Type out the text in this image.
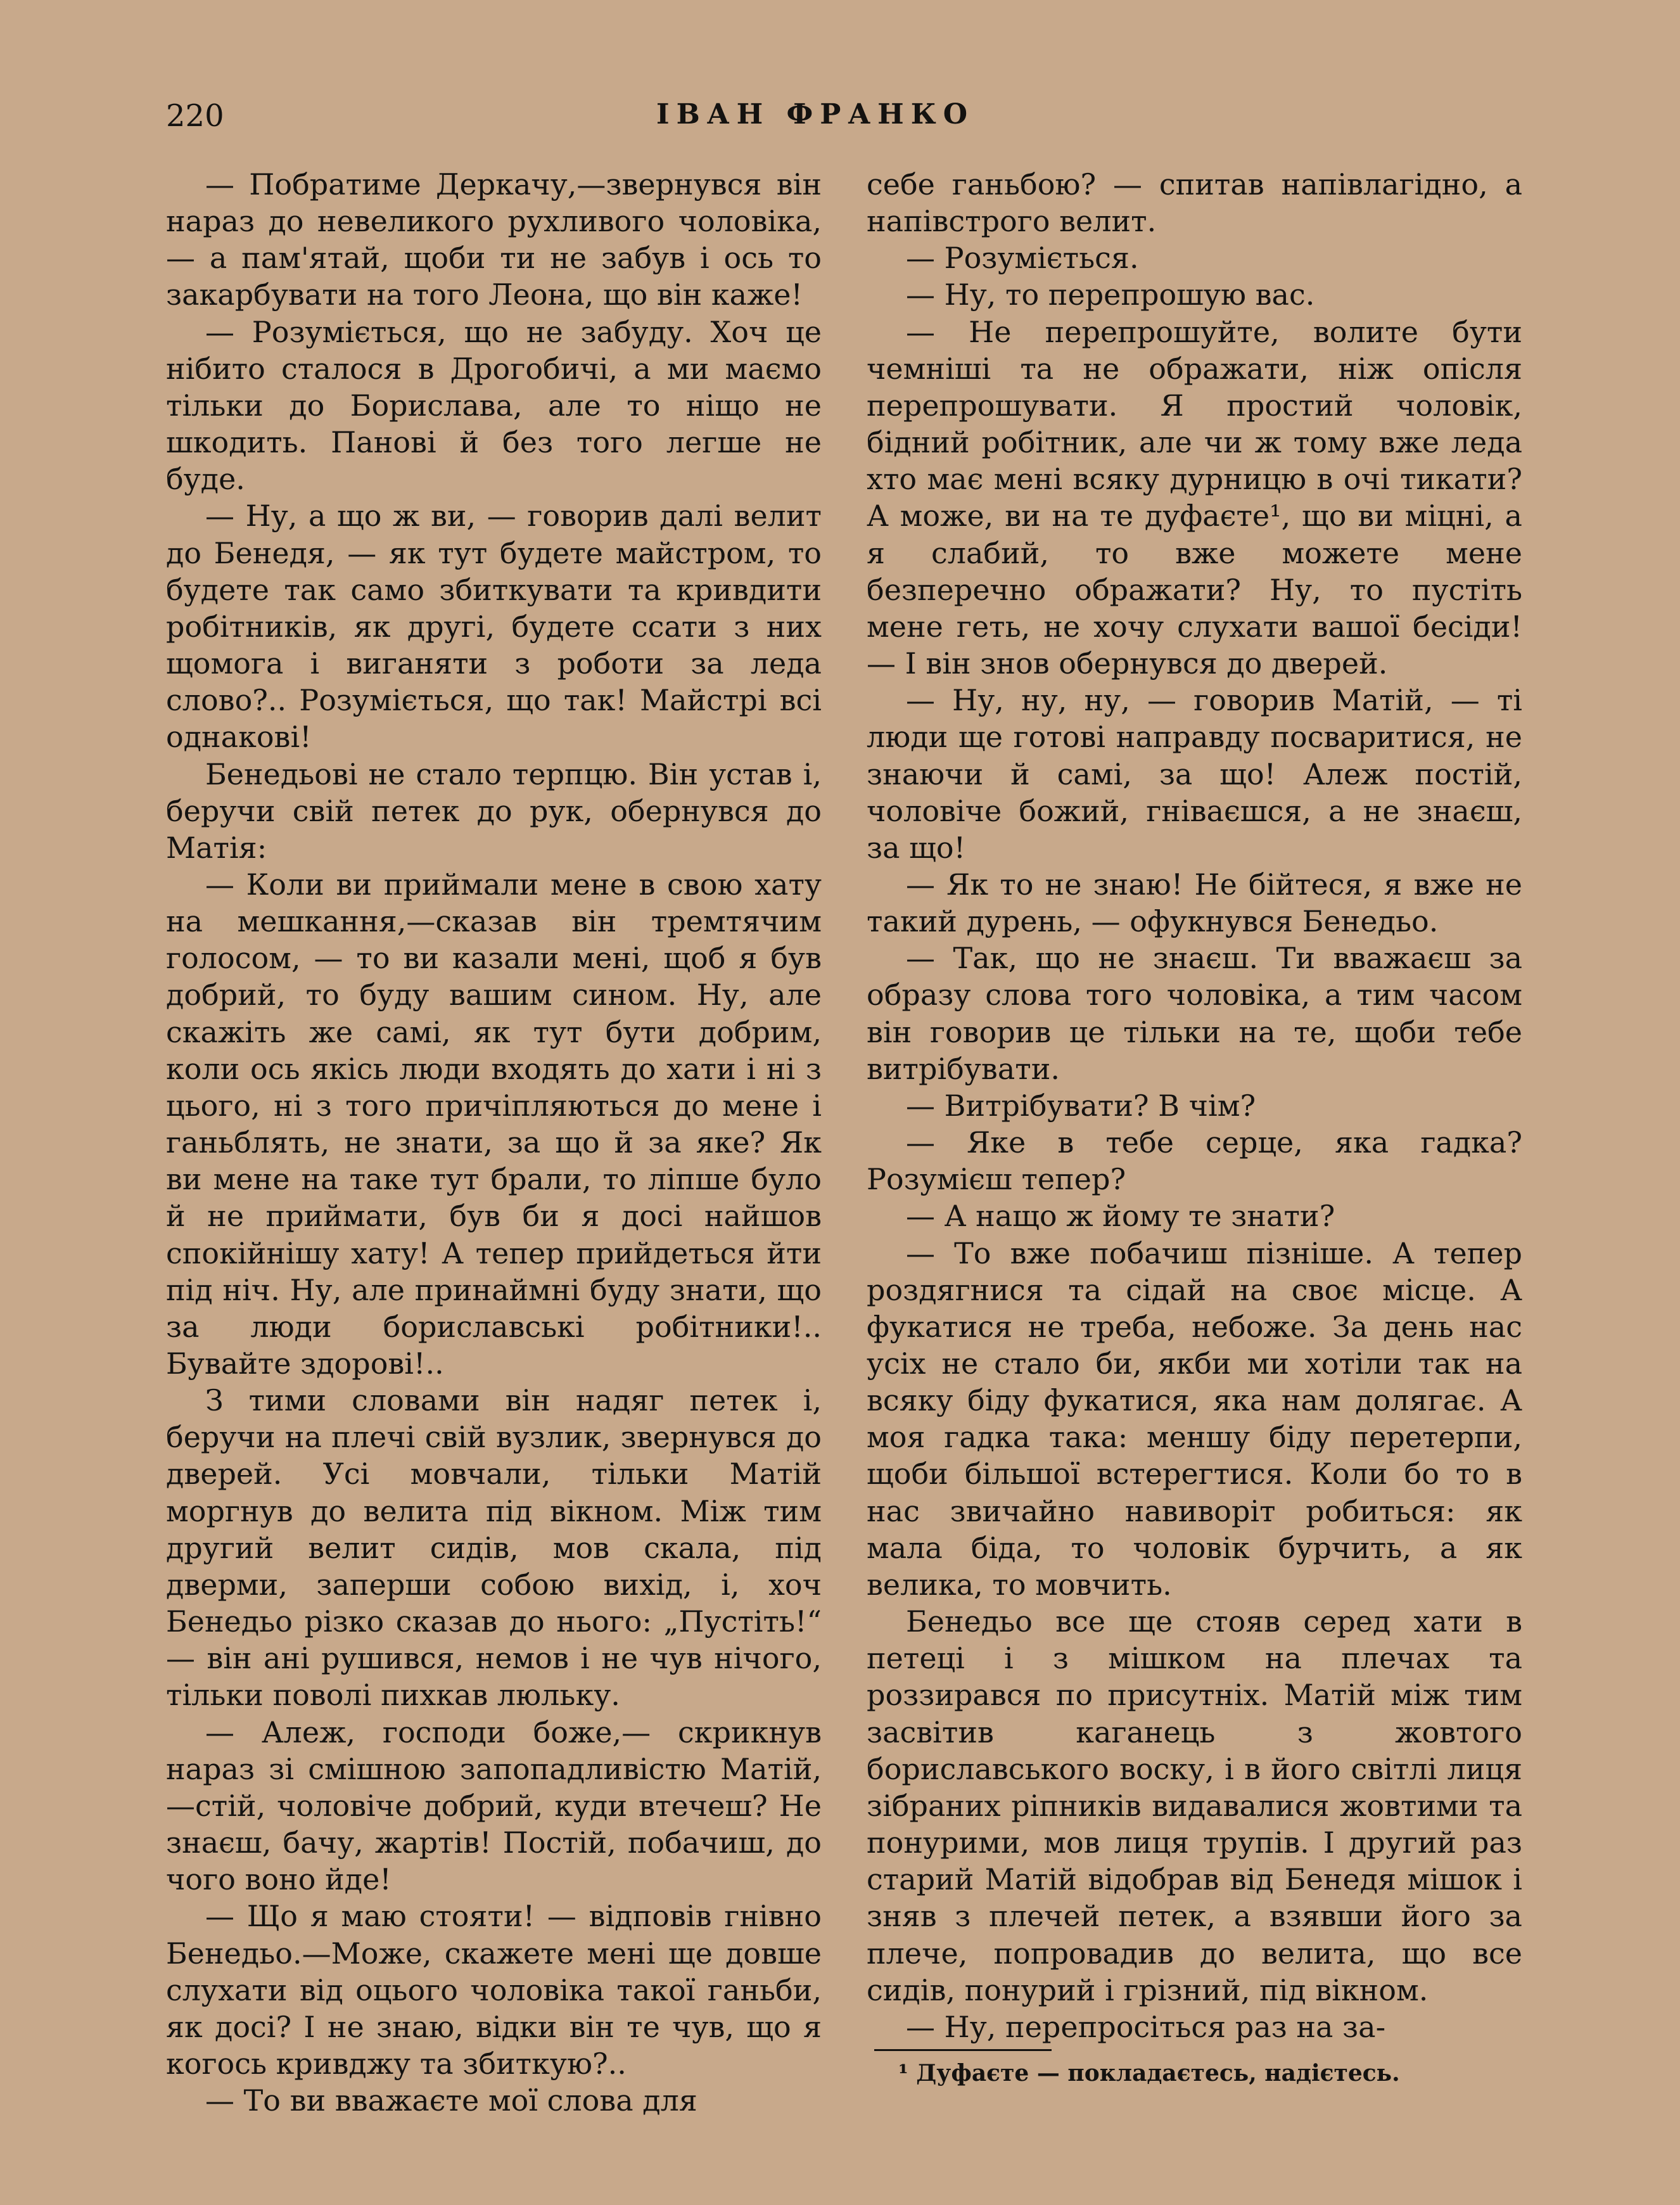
220	ІВАН ФРАНКО

— Побратиме Деркачу,—звернувся він нараз до невеликого рухливого чоловіка, — а пам'ятай, щоби ти не забув і ось то закарбувати на того Леона, що він каже!

— Розуміється, що не забуду. Хоч це нібито сталося в Дрогобичі, а ми маємо тільки до Борислава, але то ніщо не шкодить. Панові й без того легше не буде.

— Ну, а що ж ви, — говорив далі велит до Бенедя, — як тут будете майстром, то будете так само збиткувати та кривдити робітників, як другі, будете ссати з них щомога і виганяти з роботи за леда слово?.. Розуміється, що так! Майстрі всі однакові!

Бенедьові не стало терпцю. Він устав і, беручи свій петек до рук, обернувся до Матія:

— Коли ви приймали мене в свою хату на мешкання,—сказав він тремтячим голосом, — то ви казали мені, щоб я був добрий, то буду вашим сином. Ну, але скажіть же самі, як тут бути добрим, коли ось якісь люди входять до хати і ні з цього, ні з того причіпляються до мене і ганьблять, не знати, за що й за яке? Як ви мене на таке тут брали, то ліпше було й не приймати, був би я досі найшов спокійнішу хату! А тепер прийдеться йти під ніч. Ну, але принаймні буду знати, що за люди бориславські робітники!.. Бувайте здорові!..

З тими словами він надяг петек і, беручи на плечі свій вузлик, звернувся до дверей. Усі мовчали, тільки Матій моргнув до велита під вікном. Між тим другий велит сидів, мов скала, під дверми, заперши собою вихід, і, хоч Бенедьо різко сказав до нього: „Пустіть!“ — він ані рушився, немов і не чув нічого, тільки поволі пихкав люльку.

— Алеж, господи боже,— скрикнув нараз зі смішною запопадливістю Матій,—стій, чоловіче добрий, куди втечеш? Не знаєш, бачу, жартів! Постій, побачиш, до чого воно йде!

— Що я маю стояти! — відповів гнівно Бенедьо.—Може, скажете мені ще довше слухати від оцього чоловіка такої ганьби, як досі? І не знаю, відки він те чув, що я когось кривджу та збиткую?..

— То ви вважаєте мої слова для

себе ганьбою? — спитав напівлагідно, а напівстрого велит.

— Розуміється.

— Ну, то перепрошую вас.

— Не перепрошуйте, волите бути чемніші та не ображати, ніж опісля перепрошувати. Я простий чоловік, бідний робітник, але чи ж тому вже леда хто має мені всяку дурницю в очі тикати? А може, ви на те дуфаєте¹, що ви міцні, а я слабий, то вже можете мене безперечно ображати? Ну, то пустіть мене геть, не хочу слухати вашої бесіди! — І він знов обернувся до дверей.

— Ну, ну, ну, — говорив Матій, — ті люди ще готові направду посваритися, не знаючи й самі, за що! Алеж постій, чоловіче божий, гніваєшся, а не знаєш, за що!

— Як то не знаю! Не бійтеся, я вже не такий дурень, — офукнувся Бенедьо.

— Так, що не знаєш. Ти вважаєш за образу слова того чоловіка, а тим часом він говорив це тільки на те, щоби тебе витрібувати.

— Витрібувати? В чім?

— Яке в тебе серце, яка гадка? Розумієш тепер?

— А нащо ж йому те знати?

— То вже побачиш пізніше. А тепер роздягнися та сідай на своє місце. А фукатися не треба, небоже. За день нас усіх не стало би, якби ми хотіли так на всяку біду фукатися, яка нам долягає. А моя гадка така: меншу біду перетерпи, щоби більшої встерегтися. Коли бо то в нас звичайно навиворіт робиться: як мала біда, то чоловік бурчить, а як велика, то мовчить.

Бенедьо все ще стояв серед хати в петеці і з мішком на плечах та роззирався по присутніх. Матій між тим засвітив каганець з жовтого бориславського воску, і в його світлі лиця зібраних ріпників видавалися жовтими та понурими, мов лиця трупів. І другий раз старий Матій відобрав від Бенедя мішок і зняв з плечей петек, а взявши його за плече, попровадив до велита, що все сидів, понурий і грізний, під вікном.

— Ну, перепросіться раз на за-

¹ Дуфаєте — покладаєтесь, надієтесь.
